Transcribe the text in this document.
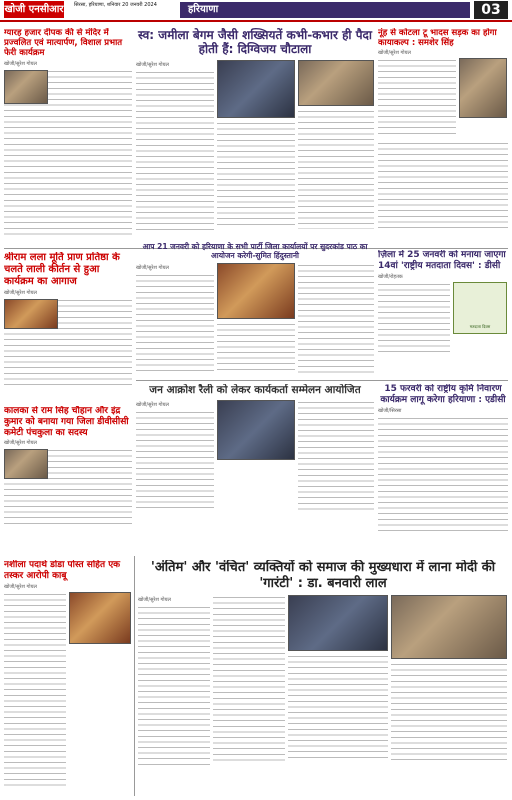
खोजी एनसीआर सिरसा, हरियाणा, शनिवार 20 जनवरी 2024	हरियाणा	03
ग्यारह हजार दीपक की से मंदिर में प्रज्वलित एवं मात्यार्पण, विशाल प्रभात फेरी कार्यक्रम
खोजी/सुरेश गोयल
स्व: जमीला बेगम जैसी शख्सियतें कभी-कभार ही पैदा होती हैं: दिग्विजय चौटाला
खोजी/सुरेश गोयल
नूंह से कोटला टू भादस सड़क का होगा कायाकल्प : समशेर सिंह
खोजी/सुरेश गोयल
श्रीराम लला मूर्ति प्राण प्रतिष्ठा के चलते लाली कीर्तन से हुआ कार्यक्रम का आगाज
खोजी/सुरेश गोयल
आप 21 जनवरी को हरियाणा के सभी पार्टी जिला कार्यालयों पर सुदरकांड पाठ का आयोजन करेगी-सुमित हिंदुस्तानी
खोजी/सुरेश गोयल
ज़िला में 25 जनवरी को मनाया जाएगा 14वां 'राष्ट्रीय मतदाता दिवस' : डीसी
खोजी/रोहतक
मतदाता दिवस
जन आक्रोश रैली को लेकर कार्यकर्ता सम्मेलन आयोजित
खोजी/सुरेश गोयल
15 फरवरी को राष्ट्रीय कृमि निवारण कार्यक्रम लागू करेगा हरियाणा : एडीसी
खोजी/सिरसा
कालका से राम सिंह चौहान और इंद्र कुमार को बनाया गया जिला डीवीसीसी कमेटी पंचकुला का सदस्य
खोजी/सुरेश गोयल
नशीला पदार्थ डोडा पोस्त सहित एक तस्कर आरोपी काबू
खोजी/सुरेश गोयल
'अंतिम' और 'वंचित' व्यक्तियों को समाज की मुख्यधारा में लाना मोदी की 'गारंटी' : डा. बनवारी लाल
खोजी/सुरेश गोयल
